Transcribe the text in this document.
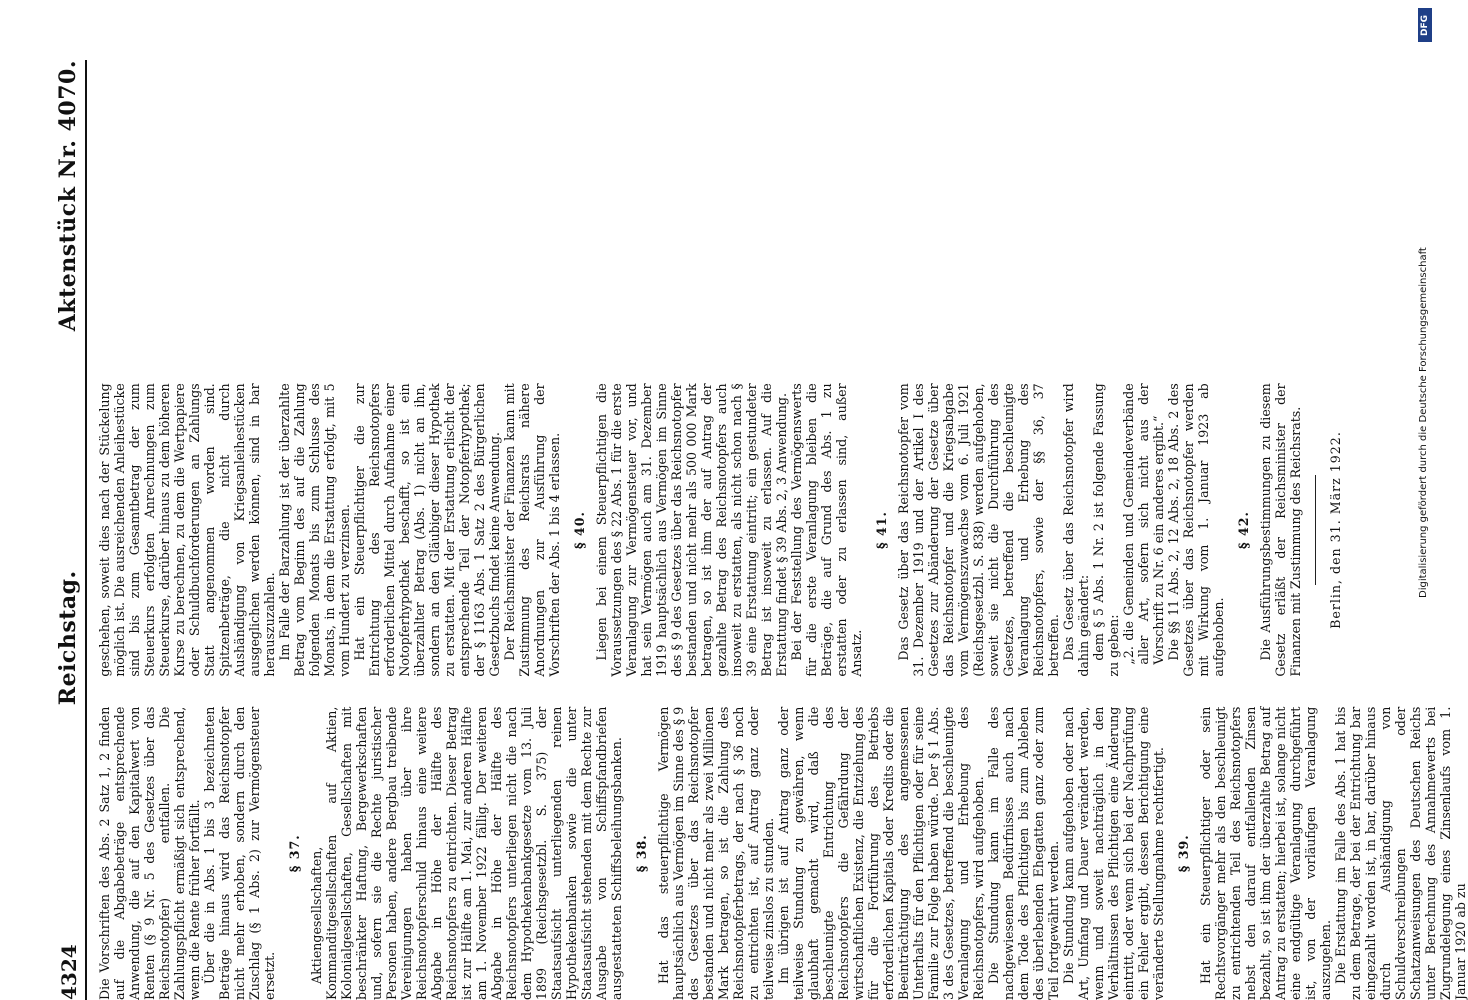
4324
Reichstag.
Aktenstück Nr. 4070.

Die Vorschriften des Abs. 2 Satz 1, 2 finden auf die Abgabebeträge entsprechende Anwendung, die auf den Kapitalwert von Renten (§ 9 Nr. 5 des Gesetzes über das Reichsnotopfer) entfallen. Die Zahlungspflicht ermäßigt sich entsprechend, wenn die Rente früher fortfällt. Über die in Abs. 1 bis 3 bezeichneten Beträge hinaus wird das Reichsnotopfer nicht mehr erhoben, sondern durch den Zuschlag (§ 1 Abs. 2) zur Vermögensteuer ersetzt.

§ 37. Aktiengesellschaften, Kommanditgesellschaften auf Aktien, Kolonialgesellschaften, Gesellschaften mit beschränkter Haftung, Bergewerkschaften und, sofern sie die Rechte juristischer Personen haben, andere Bergbau treibende Vereinigungen haben über ihre Reichsnotopferschuld hinaus eine weitere Abgabe in Höhe der Hälfte des Reichsnotopfers zu entrichten. Dieser Betrag ist zur Hälfte am 1. Mai, zur anderen Hälfte am 1. November 1922 fällig. Der weiteren Abgabe in Höhe der Hälfte des Reichsnotopfers unterliegen nicht die nach dem Hypothekenbankgesetze vom 13. Juli 1899 (Reichsgesetzbl. S. 375) der Staatsaufsicht unterliegenden reinen Hypothekenbanken sowie die unter Staatsaufsicht stehenden mit dem Rechte zur Ausgabe von Schiffspfandbriefen ausgestatteten Schiffsbeleihungsbanken. § 38. Hat das steuerpflichtige Vermögen hauptsächlich aus Vermögen im Sinne des § 9 des Gesetzes über das Reichsnotopfer bestanden und nicht mehr als zwei Millionen Mark betragen, so ist die Zahlung des Reichsnotopferbetrags, der nach § 36 noch zu entrichten ist, auf Antrag ganz oder teilweise zinslos zu stunden. Im übrigen ist auf Antrag ganz oder teilweise Stundung zu gewähren, wenn glaubhaft gemacht wird, daß die beschleunigte Entrichtung des Reichsnotopfers die Gefährdung der wirtschaftlichen Existenz, die Entziehung des für die Fortführung des Betriebs erforderlichen Kapitals oder Kredits oder die Beeinträchtigung des angemessenen Unterhalts für den Pflichtigen oder für seine Familie zur Folge haben würde. Der § 1 Abs. 3 des Gesetzes, betreffend die beschleunigte Veranlagung und Erhebung des Reichsnotopfers, wird aufgehoben. Die Stundung kann im Falle des nachgewiesenen Bedürfnisses auch nach dem Tode des Pflichtigen bis zum Ableben des überlebenden Ehegatten ganz oder zum Teil fortgewährt werden. Die Stundung kann aufgehoben oder nach Art, Umfang und Dauer verändert werden, wenn und soweit nachträglich in den Verhältnissen des Pflichtigen eine Änderung eintritt, oder wenn sich bei der Nachprüfung ein Fehler ergibt, dessen Berichtigung eine veränderte Stellungnahme rechtfertigt. § 39. Hat ein Steuerpflichtiger oder sein Rechtsvorgänger mehr als den beschleunigt zu entrichtenden Teil des Reichsnotopfers nebst den darauf entfallenden Zinsen bezahlt, so ist ihm der überzahlte Betrag auf Antrag zu erstatten; hierbei ist, solange nicht eine endgültige Veranlagung durchgeführt ist, von der vorläufigen Veranlagung auszugehen. Die Erstattung im Falle des Abs. 1 hat bis zu dem Betrage, der bei der Entrichtung bar eingezahlt worden ist, in bar, darüber hinaus durch Aushändigung von Schuldverschreibungen oder Schatzanweisungen des Deutschen Reichs unter Berechnung des Annahmewerts bei Zugrundelegung eines Zinsenlaufs vom 1. Januar 1920 ab zu

geschehen, soweit dies nach der Stückelung möglich ist. Die ausreichenden Anleihestücke sind bis zum Gesamtbetrag der zum Steuerkurs erfolgten Anrechnungen zum Steuerkurse, darüber hinaus zu dem höheren Kurse zu berechnen, zu dem die Wertpapiere oder Schuldbuchforderungen an Zahlungs Statt angenommen worden sind. Spitzenbeträge, die nicht durch Aushändigung von Kriegsanleihestücken ausgeglichen werden können, sind in bar herauszuzahlen. Im Falle der Barzahlung ist der überzahlte Betrag vom Beginn des auf die Zahlung folgenden Monats bis zum Schlusse des Monats, in dem die Erstattung erfolgt, mit 5 vom Hundert zu verzinsen. Hat ein Steuerpflichtiger die zur Entrichtung des Reichsnotopfers erforderlichen Mittel durch Aufnahme einer Notopferhypothek beschafft, so ist ein überzahlter Betrag (Abs. 1) nicht an ihn, sondern an den Gläubiger dieser Hypothek zu erstatten. Mit der Erstattung erlischt der entsprechende Teil der Notopferhypothek; der § 1163 Abs. 1 Satz 2 des Bürgerlichen Gesetzbuchs findet keine Anwendung. Der Reichsminister der Finanzen kann mit Zustimmung des Reichsrats nähere Anordnungen zur Ausführung der Vorschriften der Abs. 1 bis 4 erlassen. § 40. Liegen bei einem Steuerpflichtigen die Voraussetzungen des § 22 Abs. 1 für die erste Veranlagung zur Vermögensteuer vor, und hat sein Vermögen auch am 31. Dezember 1919 hauptsächlich aus Vermögen im Sinne des § 9 des Gesetzes über das Reichsnotopfer bestanden und nicht mehr als 500 000 Mark betragen, so ist ihm der auf Antrag der gezahlte Betrag des Reichsnotopfers auch insoweit zu erstatten, als nicht schon nach § 39 eine Erstattung eintritt; ein gestundeter Betrag ist insoweit zu erlassen. Auf die Erstattung findet § 39 Abs. 2, 3 Anwendung. Bei der Feststellung des Vermögenswerts für die erste Veranlagung bleiben die Beträge, die auf Grund des Abs. 1 zu erstatten oder zu erlassen sind, außer Ansatz.

§ 41. Das Gesetz über das Reichsnotopfer vom 31. Dezember 1919 und der Artikel I des Gesetzes zur Abänderung der Gesetze über das Reichsnotopfer und die Kriegsabgabe vom Vermögenszuwachse vom 6. Juli 1921 (Reichsgesetzbl. S. 838) werden aufgehoben, soweit sie nicht die Durchführung des Gesetzes, betreffend die beschleunigte Veranlagung und Erhebung des Reichsnotopfers, sowie der §§ 36, 37 betreffen. Das Gesetz über das Reichsnotopfer wird dahin geändert: dem § 5 Abs. 1 Nr. 2 ist folgende Fassung zu geben: „2. die Gemeinden und Gemeindeverbände aller Art, sofern sich nicht aus der Vorschrift zu Nr. 6 ein anderes ergibt.“ Die §§ 11 Abs. 2, 12 Abs. 2, 18 Abs. 2 des Gesetzes über das Reichsnotopfer werden mit Wirkung vom 1. Januar 1923 ab aufgehoben.

§ 42. Die Ausführungsbestimmungen zu diesem Gesetz erläßt der Reichsminister der Finanzen mit Zustimmung des Reichsrats. Berlin, den 31. März 1922.

DFG
Digitalisierung gefördert durch die Deutsche Forschungsgemeinschaft
